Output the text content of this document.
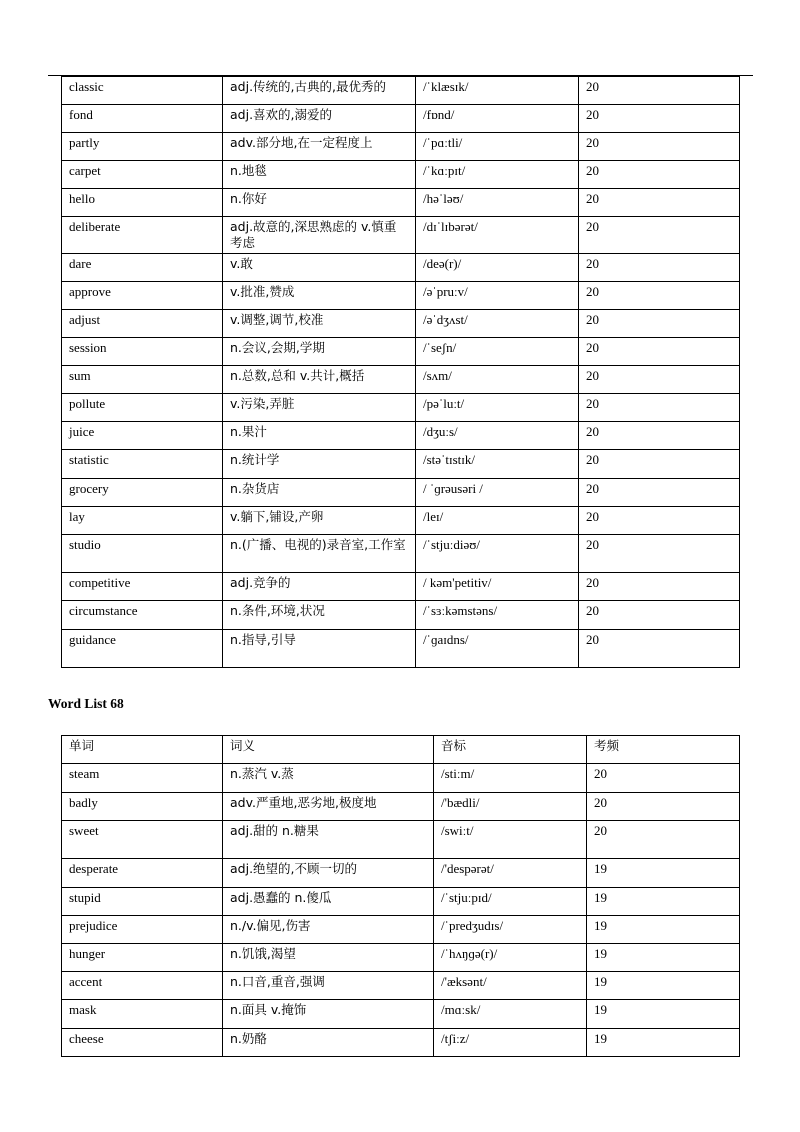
classic	adj.传统的,古典的,最优秀的	/ˈklæsɪk/	20
fond	adj.喜欢的,溺爱的	/fɒnd/	20
partly	adv.部分地,在一定程度上	/ˈpɑːtli/	20
carpet	n.地毯	/ˈkɑːpɪt/	20
hello	n.你好	/həˈləʊ/	20
deliberate	adj.故意的,深思熟虑的 v.慎重考虑	/dɪˈlɪbərət/	20
dare	v.敢	/deə(r)/	20
approve	v.批准,赞成	/əˈpruːv/	20
adjust	v.调整,调节,校准	/əˈdʒʌst/	20
session	n.会议,会期,学期	/ˈseʃn/	20
sum	n.总数,总和 v.共计,概括	/sʌm/	20
pollute	v.污染,弄脏	/pəˈluːt/	20
juice	n.果汁	/dʒuːs/	20
statistic	n.统计学	/stəˈtɪstɪk/	20
grocery	n.杂货店	/ ˈɡrəusəri /	20
lay	v.躺下,铺设,产卵	/leɪ/	20
studio	n.(广播、电视的)录音室,工作室	/ˈstjuːdiəʊ/	20
competitive	adj.竞争的	/ kəm'petitiv/	20
circumstance	n.条件,环境,状况	/ˈsɜːkəmstəns/	20
guidance	n.指导,引导	/ˈɡaɪdns/	20
Word List 68
单词	词义	音标	考频
steam	n.蒸汽 v.蒸	/stiːm/	20
badly	adv.严重地,恶劣地,极度地	/'bædli/	20
sweet	adj.甜的 n.糖果	/swiːt/	20
desperate	adj.绝望的,不顾一切的	/'despərət/	19
stupid	adj.愚蠢的 n.傻瓜	/ˈstjuːpɪd/	19
prejudice	n./v.偏见,伤害	/ˈpredʒudɪs/	19
hunger	n.饥饿,渴望	/ˈhʌŋɡə(r)/	19
accent	n.口音,重音,强调	/'æksənt/	19
mask	n.面具 v.掩饰	/mɑːsk/	19
cheese	n.奶酪	/tʃiːz/	19
